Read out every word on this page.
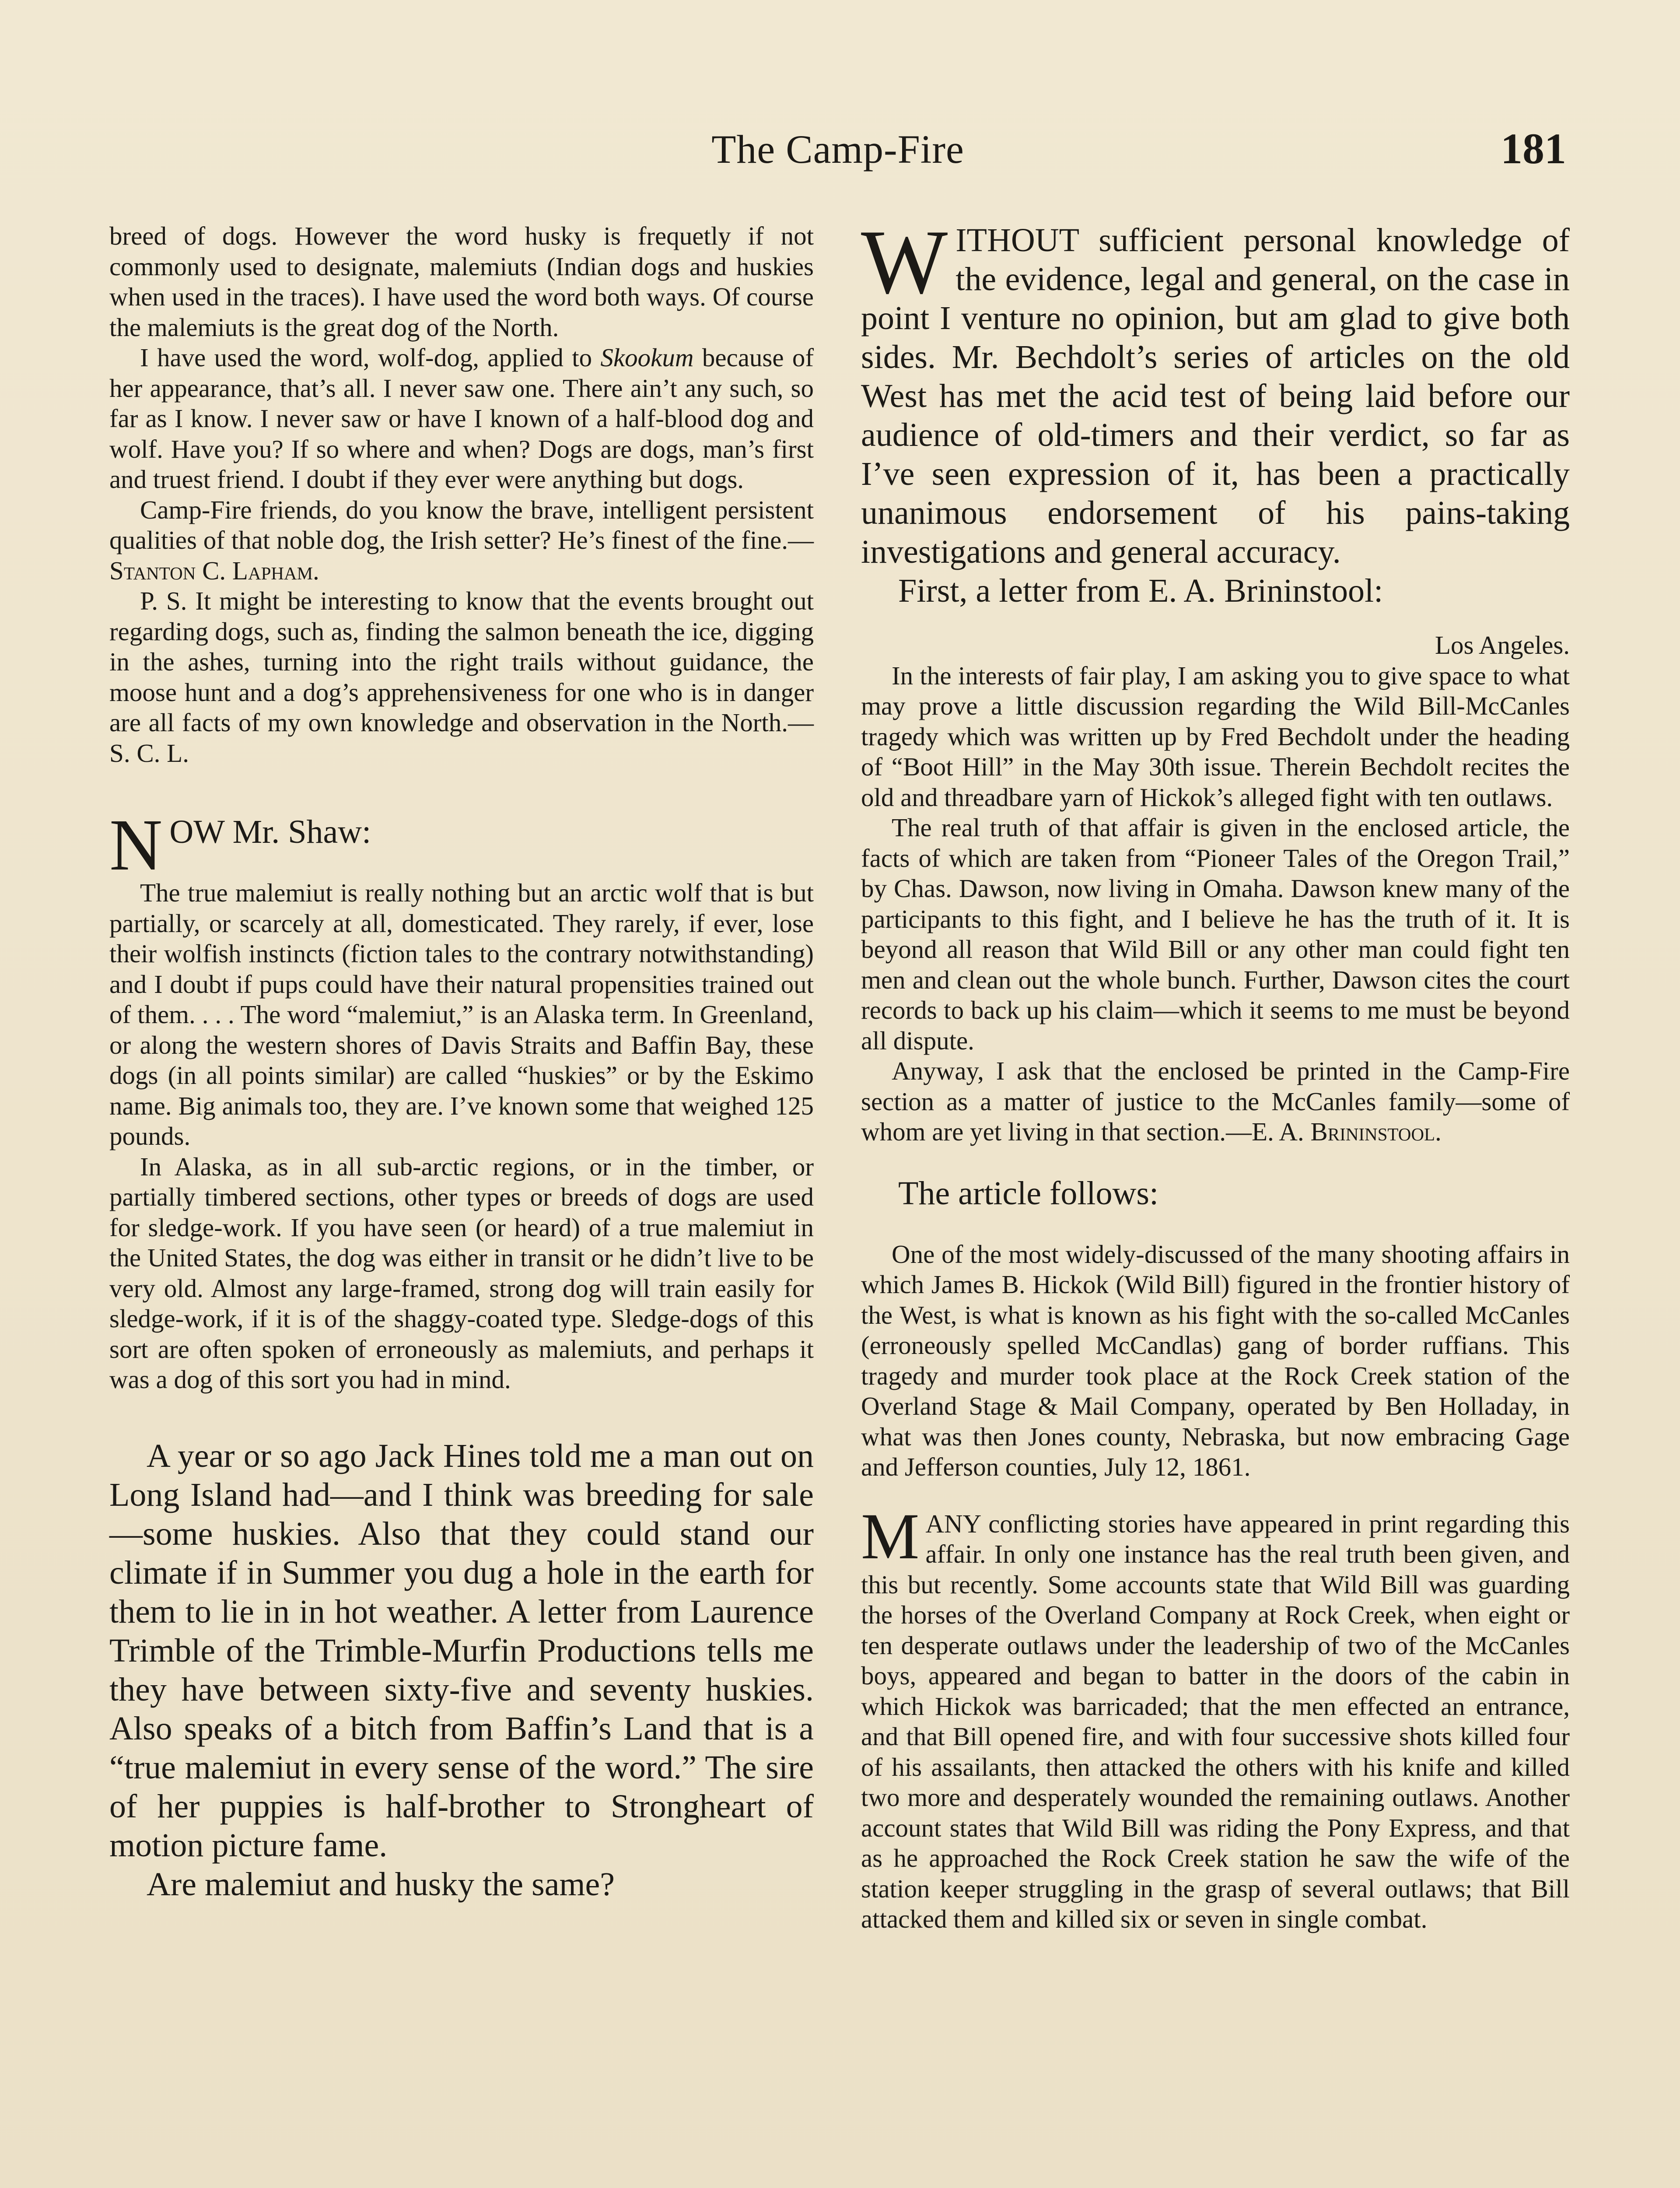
The Camp-Fire	181

breed of dogs. However the word husky is frequetly if not commonly used to designate, malemiuts (Indian dogs and huskies when used in the traces). I have used the word both ways. Of course the malemiuts is the great dog of the North.

I have used the word, wolf-dog, applied to Skookum because of her appearance, that’s all. I never saw one. There ain’t any such, so far as I know. I never saw or have I known of a half-blood dog and wolf. Have you? If so where and when? Dogs are dogs, man’s first and truest friend. I doubt if they ever were anything but dogs.

Camp-Fire friends, do you know the brave, intelligent persistent qualities of that noble dog, the Irish setter? He’s finest of the fine.—Stanton C. Lapham.

P. S. It might be interesting to know that the events brought out regarding dogs, such as, finding the salmon beneath the ice, digging in the ashes, turning into the right trails without guidance, the moose hunt and a dog’s apprehensiveness for one who is in danger are all facts of my own knowledge and observation in the North.—S. C. L.

NOW Mr. Shaw:

The true malemiut is really nothing but an arctic wolf that is but partially, or scarcely at all, domesticated. They rarely, if ever, lose their wolfish instincts (fiction tales to the contrary notwithstanding) and I doubt if pups could have their natural propensities trained out of them. . . . The word “malemiut,” is an Alaska term. In Greenland, or along the western shores of Davis Straits and Baffin Bay, these dogs (in all points similar) are called “huskies” or by the Eskimo name. Big animals too, they are. I’ve known some that weighed 125 pounds.

In Alaska, as in all sub-arctic regions, or in the timber, or partially timbered sections, other types or breeds of dogs are used for sledge-work. If you have seen (or heard) of a true malemiut in the United States, the dog was either in transit or he didn’t live to be very old. Almost any large-framed, strong dog will train easily for sledge-work, if it is of the shaggy-coated type. Sledge-dogs of this sort are often spoken of erroneously as malemiuts, and perhaps it was a dog of this sort you had in mind.

A year or so ago Jack Hines told me a man out on Long Island had—and I think was breeding for sale—some huskies. Also that they could stand our climate if in Summer you dug a hole in the earth for them to lie in in hot weather. A letter from Laurence Trimble of the Trimble-Murfin Productions tells me they have between sixty-five and seventy huskies. Also speaks of a bitch from Baffin’s Land that is a “true malemiut in every sense of the word.” The sire of her puppies is half-brother to Strongheart of motion picture fame.

Are malemiut and husky the same?

WITHOUT sufficient personal knowledge of the evidence, legal and general, on the case in point I venture no opinion, but am glad to give both sides. Mr. Bechdolt’s series of articles on the old West has met the acid test of being laid before our audience of old-timers and their verdict, so far as I’ve seen expression of it, has been a practically unanimous endorsement of his pains-taking investigations and general accuracy.

First, a letter from E. A. Brininstool:

Los Angeles.

In the interests of fair play, I am asking you to give space to what may prove a little discussion regarding the Wild Bill-McCanles tragedy which was written up by Fred Bechdolt under the heading of “Boot Hill” in the May 30th issue. Therein Bechdolt recites the old and threadbare yarn of Hickok’s alleged fight with ten outlaws.

The real truth of that affair is given in the enclosed article, the facts of which are taken from “Pioneer Tales of the Oregon Trail,” by Chas. Dawson, now living in Omaha. Dawson knew many of the participants to this fight, and I believe he has the truth of it. It is beyond all reason that Wild Bill or any other man could fight ten men and clean out the whole bunch. Further, Dawson cites the court records to back up his claim—which it seems to me must be beyond all dispute.

Anyway, I ask that the enclosed be printed in the Camp-Fire section as a matter of justice to the McCanles family—some of whom are yet living in that section.—E. A. Brininstool.

The article follows:

One of the most widely-discussed of the many shooting affairs in which James B. Hickok (Wild Bill) figured in the frontier history of the West, is what is known as his fight with the so-called McCanles (erroneously spelled McCandlas) gang of border ruffians. This tragedy and murder took place at the Rock Creek station of the Overland Stage & Mail Company, operated by Ben Holladay, in what was then Jones county, Nebraska, but now embracing Gage and Jefferson counties, July 12, 1861.

MANY conflicting stories have appeared in print regarding this affair. In only one instance has the real truth been given, and this but recently. Some accounts state that Wild Bill was guarding the horses of the Overland Company at Rock Creek, when eight or ten desperate outlaws under the leadership of two of the McCanles boys, appeared and began to batter in the doors of the cabin in which Hickok was barricaded; that the men effected an entrance, and that Bill opened fire, and with four successive shots killed four of his assailants, then attacked the others with his knife and killed two more and desperately wounded the remaining outlaws. Another account states that Wild Bill was riding the Pony Express, and that as he approached the Rock Creek station he saw the wife of the station keeper struggling in the grasp of several outlaws; that Bill attacked them and killed six or seven in single combat.
